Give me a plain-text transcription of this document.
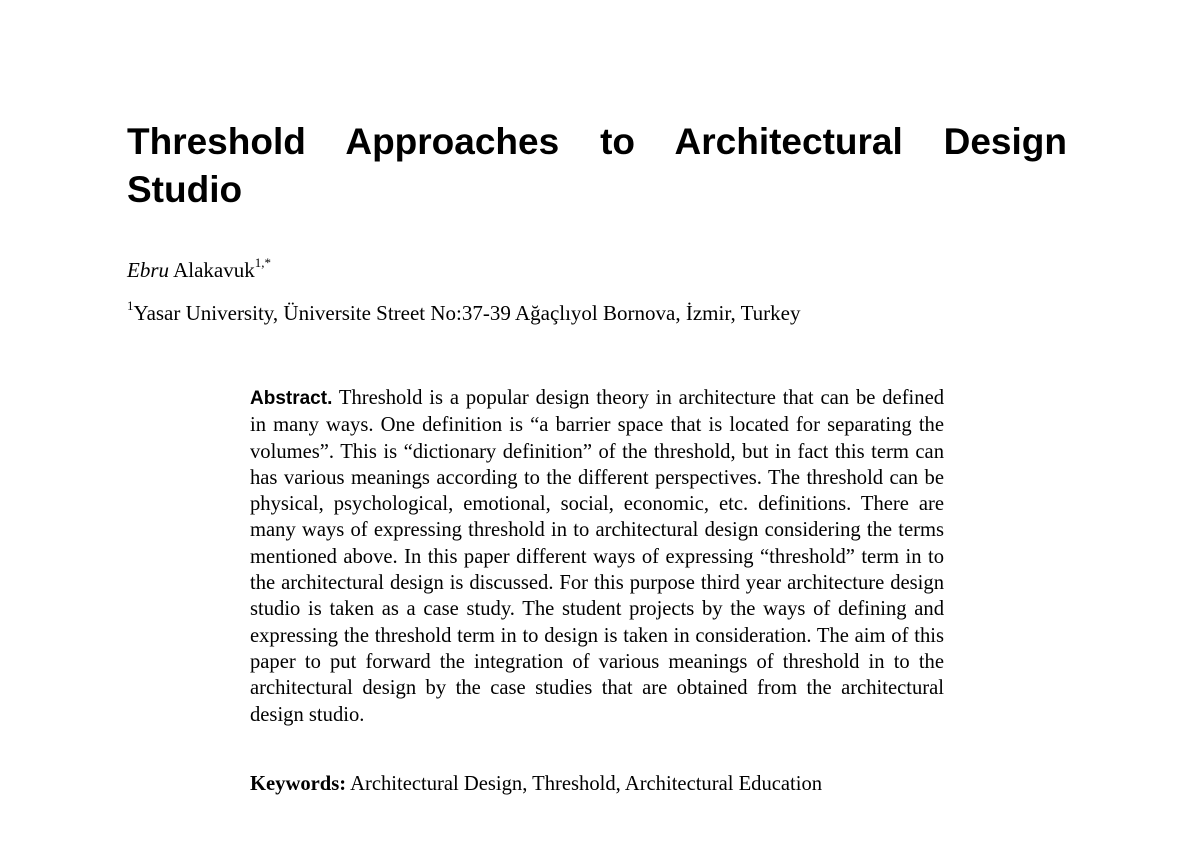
Threshold Approaches to Architectural Design Studio
Ebru Alakavuk$^{1,*}$
$^1$Yasar University, Üniversite Street No:37-39 Ağaçlıyol Bornova, İzmir, Turkey

Abstract. Threshold is a popular design theory in architecture that can be defined in many ways. One definition is “a barrier space that is located for separating the volumes”. This is “dictionary definition” of the threshold, but in fact this term can has various meanings according to the different perspectives. The threshold can be physical, psychological, emotional, social, economic, etc. definitions. There are many ways of expressing threshold in to architectural design considering the terms mentioned above. In this paper different ways of expressing “threshold” term in to the architectural design is discussed. For this purpose third year architecture design studio is taken as a case study. The student projects by the ways of defining and expressing the threshold term in to design is taken in consideration. The aim of this paper to put forward the integration of various meanings of threshold in to the architectural design by the case studies that are obtained from the architectural design studio.

Keywords: Architectural Design, Threshold, Architectural Education
